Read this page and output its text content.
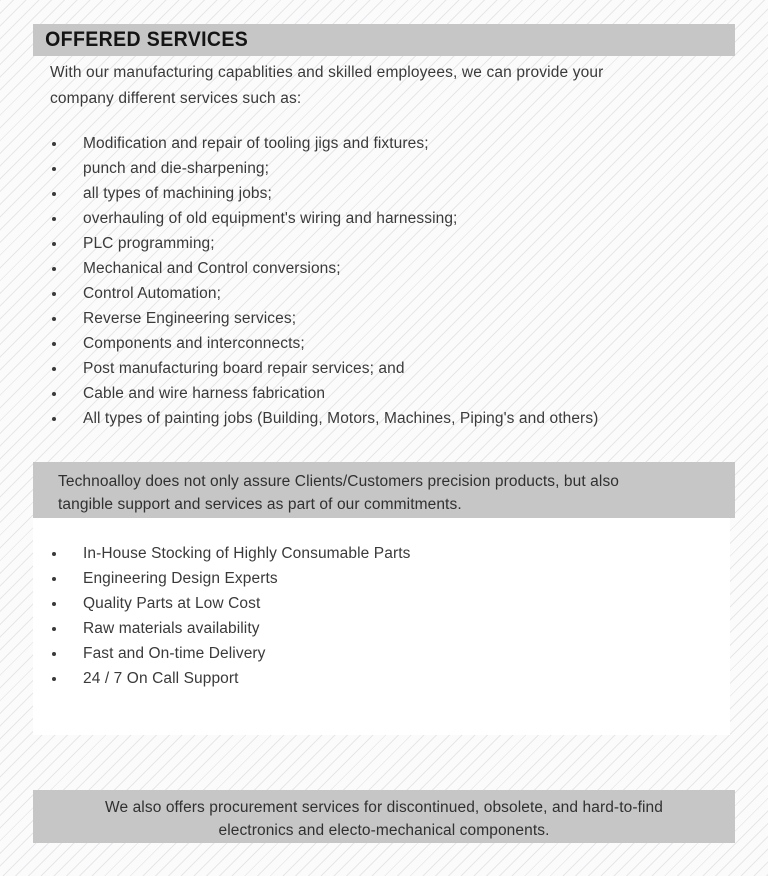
OFFERED SERVICES
With our manufacturing capablities and skilled employees, we can provide your
company different services such as:
Modification and repair of tooling jigs and fixtures;
punch and die-sharpening;
all types of machining jobs;
overhauling of old equipment's wiring and harnessing;
PLC programming;
Mechanical and Control conversions;
Control Automation;
Reverse Engineering services;
Components and interconnects;
Post manufacturing board repair services; and
Cable and wire harness fabrication
All types of painting jobs (Building, Motors, Machines, Piping's and others)
Technoalloy does not only assure Clients/Customers precision products, but also
tangible support and services as part of our commitments.
In-House Stocking of Highly Consumable Parts
Engineering Design Experts
Quality Parts at Low Cost
Raw materials availability
Fast and On-time Delivery
24 / 7 On Call Support
We also offers procurement services for discontinued, obsolete, and hard-to-find
electronics and electo-mechanical components.
